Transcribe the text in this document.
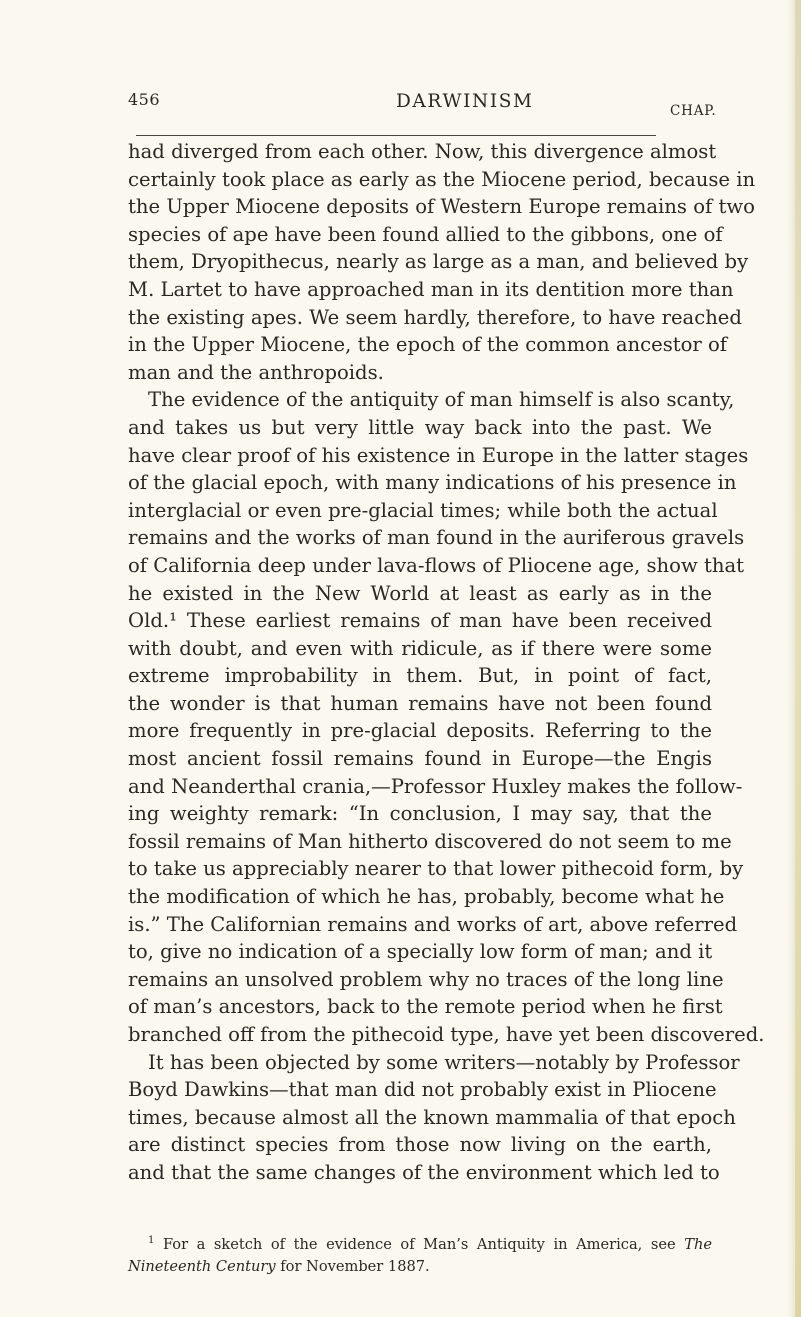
456	DARWINISM	CHAP.
had diverged from each other. Now, this divergence almost
certainly took place as early as the Miocene period, because in
the Upper Miocene deposits of Western Europe remains of two
species of ape have been found allied to the gibbons, one of
them, Dryopithecus, nearly as large as a man, and believed by
M. Lartet to have approached man in its dentition more than
the existing apes. We seem hardly, therefore, to have reached
in the Upper Miocene, the epoch of the common ancestor of
man and the anthropoids.
The evidence of the antiquity of man himself is also scanty,
and takes us but very little way back into the past. We
have clear proof of his existence in Europe in the latter stages
of the glacial epoch, with many indications of his presence in
interglacial or even pre-glacial times; while both the actual
remains and the works of man found in the auriferous gravels
of California deep under lava-flows of Pliocene age, show that
he existed in the New World at least as early as in the
Old.¹ These earliest remains of man have been received
with doubt, and even with ridicule, as if there were some
extreme improbability in them. But, in point of fact,
the wonder is that human remains have not been found
more frequently in pre-glacial deposits. Referring to the
most ancient fossil remains found in Europe—the Engis
and Neanderthal crania,—Professor Huxley makes the follow-
ing weighty remark: “In conclusion, I may say, that the
fossil remains of Man hitherto discovered do not seem to me
to take us appreciably nearer to that lower pithecoid form, by
the modification of which he has, probably, become what he
is.” The Californian remains and works of art, above referred
to, give no indication of a specially low form of man; and it
remains an unsolved problem why no traces of the long line
of man’s ancestors, back to the remote period when he first
branched off from the pithecoid type, have yet been discovered.
It has been objected by some writers—notably by Professor
Boyd Dawkins—that man did not probably exist in Pliocene
times, because almost all the known mammalia of that epoch
are distinct species from those now living on the earth,
and that the same changes of the environment which led to
$^1$ For a sketch of the evidence of Man’s Antiquity in America, see The
Nineteenth Century for November 1887.
